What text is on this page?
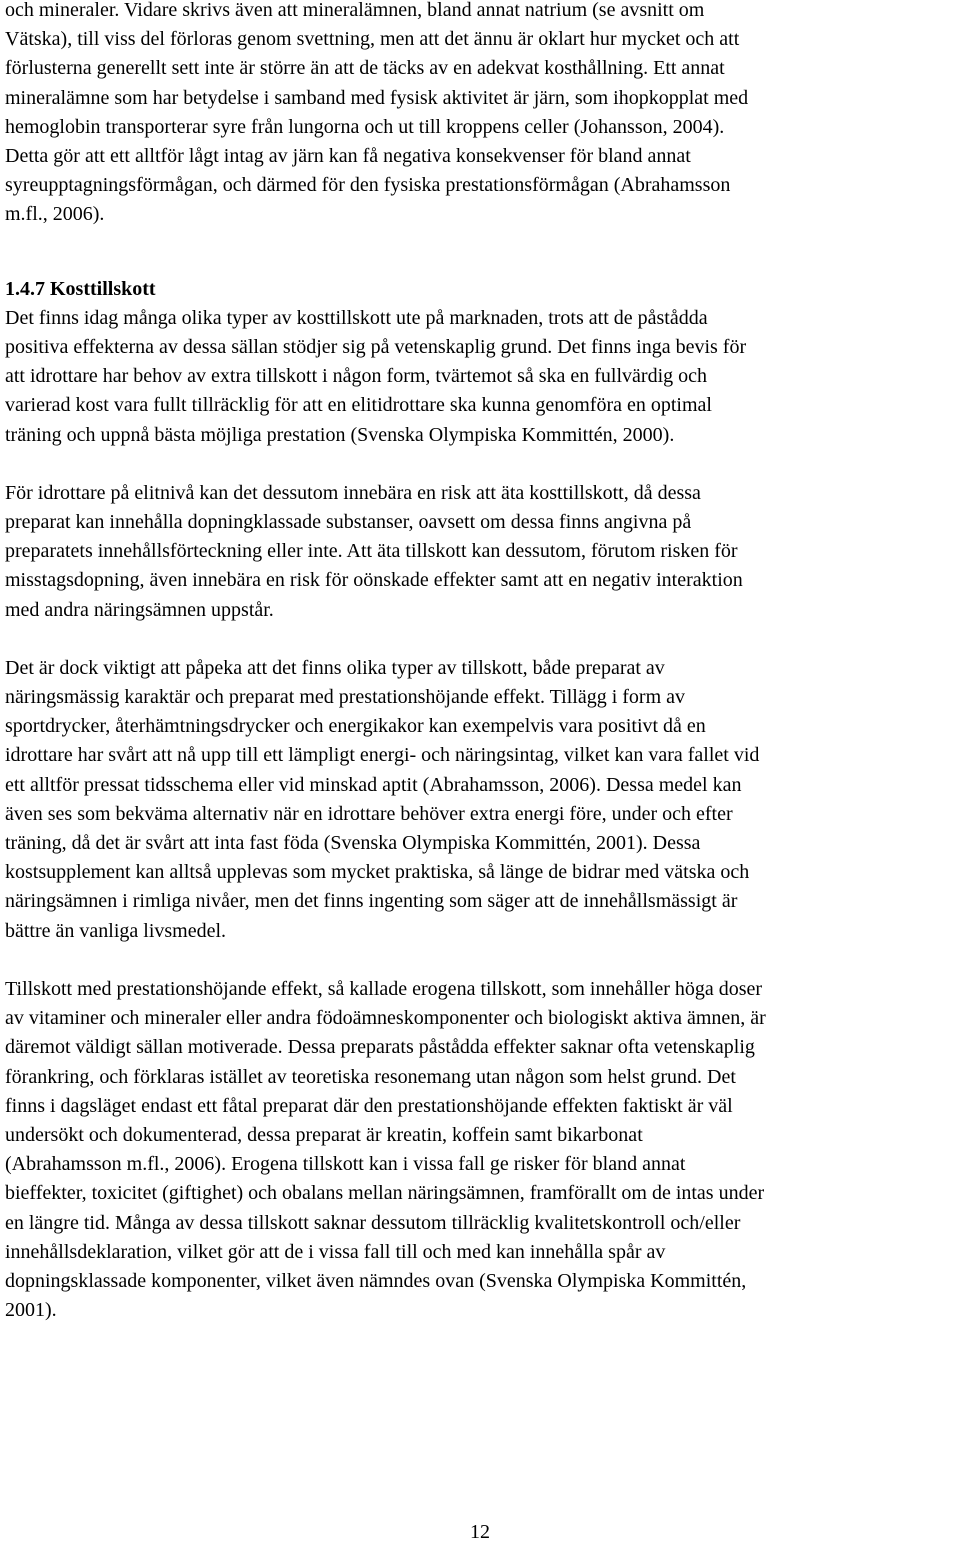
och mineraler. Vidare skrivs även att mineralämnen, bland annat natrium (se avsnitt om
Vätska), till viss del förloras genom svettning, men att det ännu är oklart hur mycket och att
förlusterna generellt sett inte är större än att de täcks av en adekvat kosthållning. Ett annat
mineralämne som har betydelse i samband med fysisk aktivitet är järn, som ihopkopplat med
hemoglobin transporterar syre från lungorna och ut till kroppens celler (Johansson, 2004).
Detta gör att ett alltför lågt intag av järn kan få negativa konsekvenser för bland annat
syreupptagningsförmågan, och därmed för den fysiska prestationsförmågan (Abrahamsson
m.fl., 2006).

1.4.7 Kosttillskott

Det finns idag många olika typer av kosttillskott ute på marknaden, trots att de påstådda
positiva effekterna av dessa sällan stödjer sig på vetenskaplig grund. Det finns inga bevis för
att idrottare har behov av extra tillskott i någon form, tvärtemot så ska en fullvärdig och
varierad kost vara fullt tillräcklig för att en elitidrottare ska kunna genomföra en optimal
träning och uppnå bästa möjliga prestation (Svenska Olympiska Kommittén, 2000).

För idrottare på elitnivå kan det dessutom innebära en risk att äta kosttillskott, då dessa
preparat kan innehålla dopningklassade substanser, oavsett om dessa finns angivna på
preparatets innehållsförteckning eller inte. Att äta tillskott kan dessutom, förutom risken för
misstagsdopning, även innebära en risk för oönskade effekter samt att en negativ interaktion
med andra näringsämnen uppstår.

Det är dock viktigt att påpeka att det finns olika typer av tillskott, både preparat av
näringsmässig karaktär och preparat med prestationshöjande effekt. Tillägg i form av
sportdrycker, återhämtningsdrycker och energikakor kan exempelvis vara positivt då en
idrottare har svårt att nå upp till ett lämpligt energi- och näringsintag, vilket kan vara fallet vid
ett alltför pressat tidsschema eller vid minskad aptit (Abrahamsson, 2006). Dessa medel kan
även ses som bekväma alternativ när en idrottare behöver extra energi före, under och efter
träning, då det är svårt att inta fast föda (Svenska Olympiska Kommittén, 2001). Dessa
kostsupplement kan alltså upplevas som mycket praktiska, så länge de bidrar med vätska och
näringsämnen i rimliga nivåer, men det finns ingenting som säger att de innehållsmässigt är
bättre än vanliga livsmedel.

Tillskott med prestationshöjande effekt, så kallade erogena tillskott, som innehåller höga doser
av vitaminer och mineraler eller andra födoämneskomponenter och biologiskt aktiva ämnen, är
däremot väldigt sällan motiverade. Dessa preparats påstådda effekter saknar ofta vetenskaplig
förankring, och förklaras istället av teoretiska resonemang utan någon som helst grund. Det
finns i dagsläget endast ett fåtal preparat där den prestationshöjande effekten faktiskt är väl
undersökt och dokumenterad, dessa preparat är kreatin, koffein samt bikarbonat
(Abrahamsson m.fl., 2006). Erogena tillskott kan i vissa fall ge risker för bland annat
bieffekter, toxicitet (giftighet) och obalans mellan näringsämnen, framförallt om de intas under
en längre tid. Många av dessa tillskott saknar dessutom tillräcklig kvalitetskontroll och/eller
innehållsdeklaration, vilket gör att de i vissa fall till och med kan innehålla spår av
dopningsklassade komponenter, vilket även nämndes ovan (Svenska Olympiska Kommittén,
2001).

12
